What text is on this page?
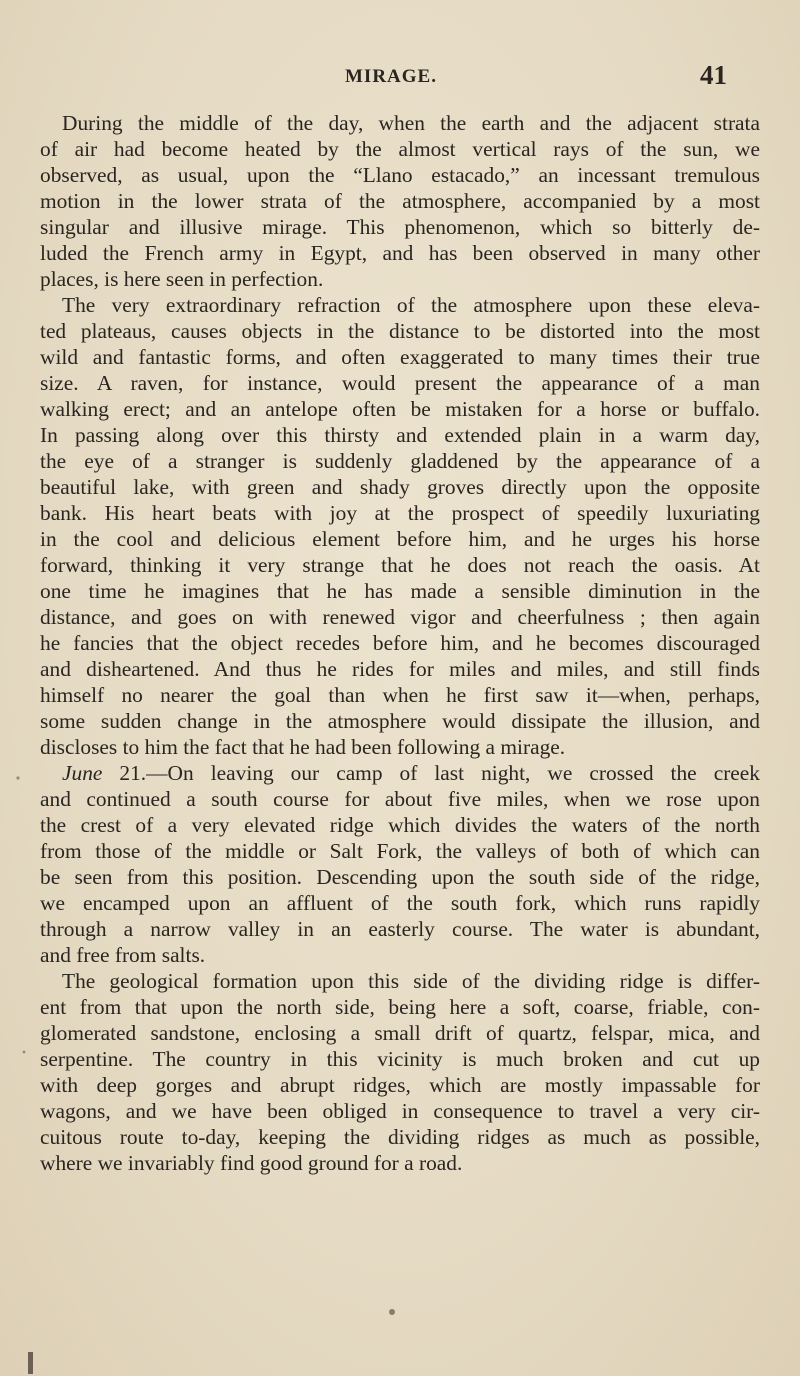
MIRAGE.	41
During the middle of the day, when the earth and the adjacent strata
of air had become heated by the almost vertical rays of the sun, we
observed, as usual, upon the “Llano estacado,” an incessant tremulous
motion in the lower strata of the atmosphere, accompanied by a most
singular and illusive mirage. This phenomenon, which so bitterly de-
luded the French army in Egypt, and has been observed in many other
places, is here seen in perfection.
The very extraordinary refraction of the atmosphere upon these eleva-
ted plateaus, causes objects in the distance to be distorted into the most
wild and fantastic forms, and often exaggerated to many times their true
size. A raven, for instance, would present the appearance of a man
walking erect; and an antelope often be mistaken for a horse or buffalo.
In passing along over this thirsty and extended plain in a warm day,
the eye of a stranger is suddenly gladdened by the appearance of a
beautiful lake, with green and shady groves directly upon the opposite
bank. His heart beats with joy at the prospect of speedily luxuriating
in the cool and delicious element before him, and he urges his horse
forward, thinking it very strange that he does not reach the oasis. At
one time he imagines that he has made a sensible diminution in the
distance, and goes on with renewed vigor and cheerfulness ; then again
he fancies that the object recedes before him, and he becomes discouraged
and disheartened. And thus he rides for miles and miles, and still finds
himself no nearer the goal than when he first saw it—when, perhaps,
some sudden change in the atmosphere would dissipate the illusion, and
discloses to him the fact that he had been following a mirage.
June 21.—On leaving our camp of last night, we crossed the creek
and continued a south course for about five miles, when we rose upon
the crest of a very elevated ridge which divides the waters of the north
from those of the middle or Salt Fork, the valleys of both of which can
be seen from this position. Descending upon the south side of the ridge,
we encamped upon an affluent of the south fork, which runs rapidly
through a narrow valley in an easterly course. The water is abundant,
and free from salts.
The geological formation upon this side of the dividing ridge is differ-
ent from that upon the north side, being here a soft, coarse, friable, con-
glomerated sandstone, enclosing a small drift of quartz, felspar, mica, and
serpentine. The country in this vicinity is much broken and cut up
with deep gorges and abrupt ridges, which are mostly impassable for
wagons, and we have been obliged in consequence to travel a very cir-
cuitous route to-day, keeping the dividing ridges as much as possible,
where we invariably find good ground for a road.
